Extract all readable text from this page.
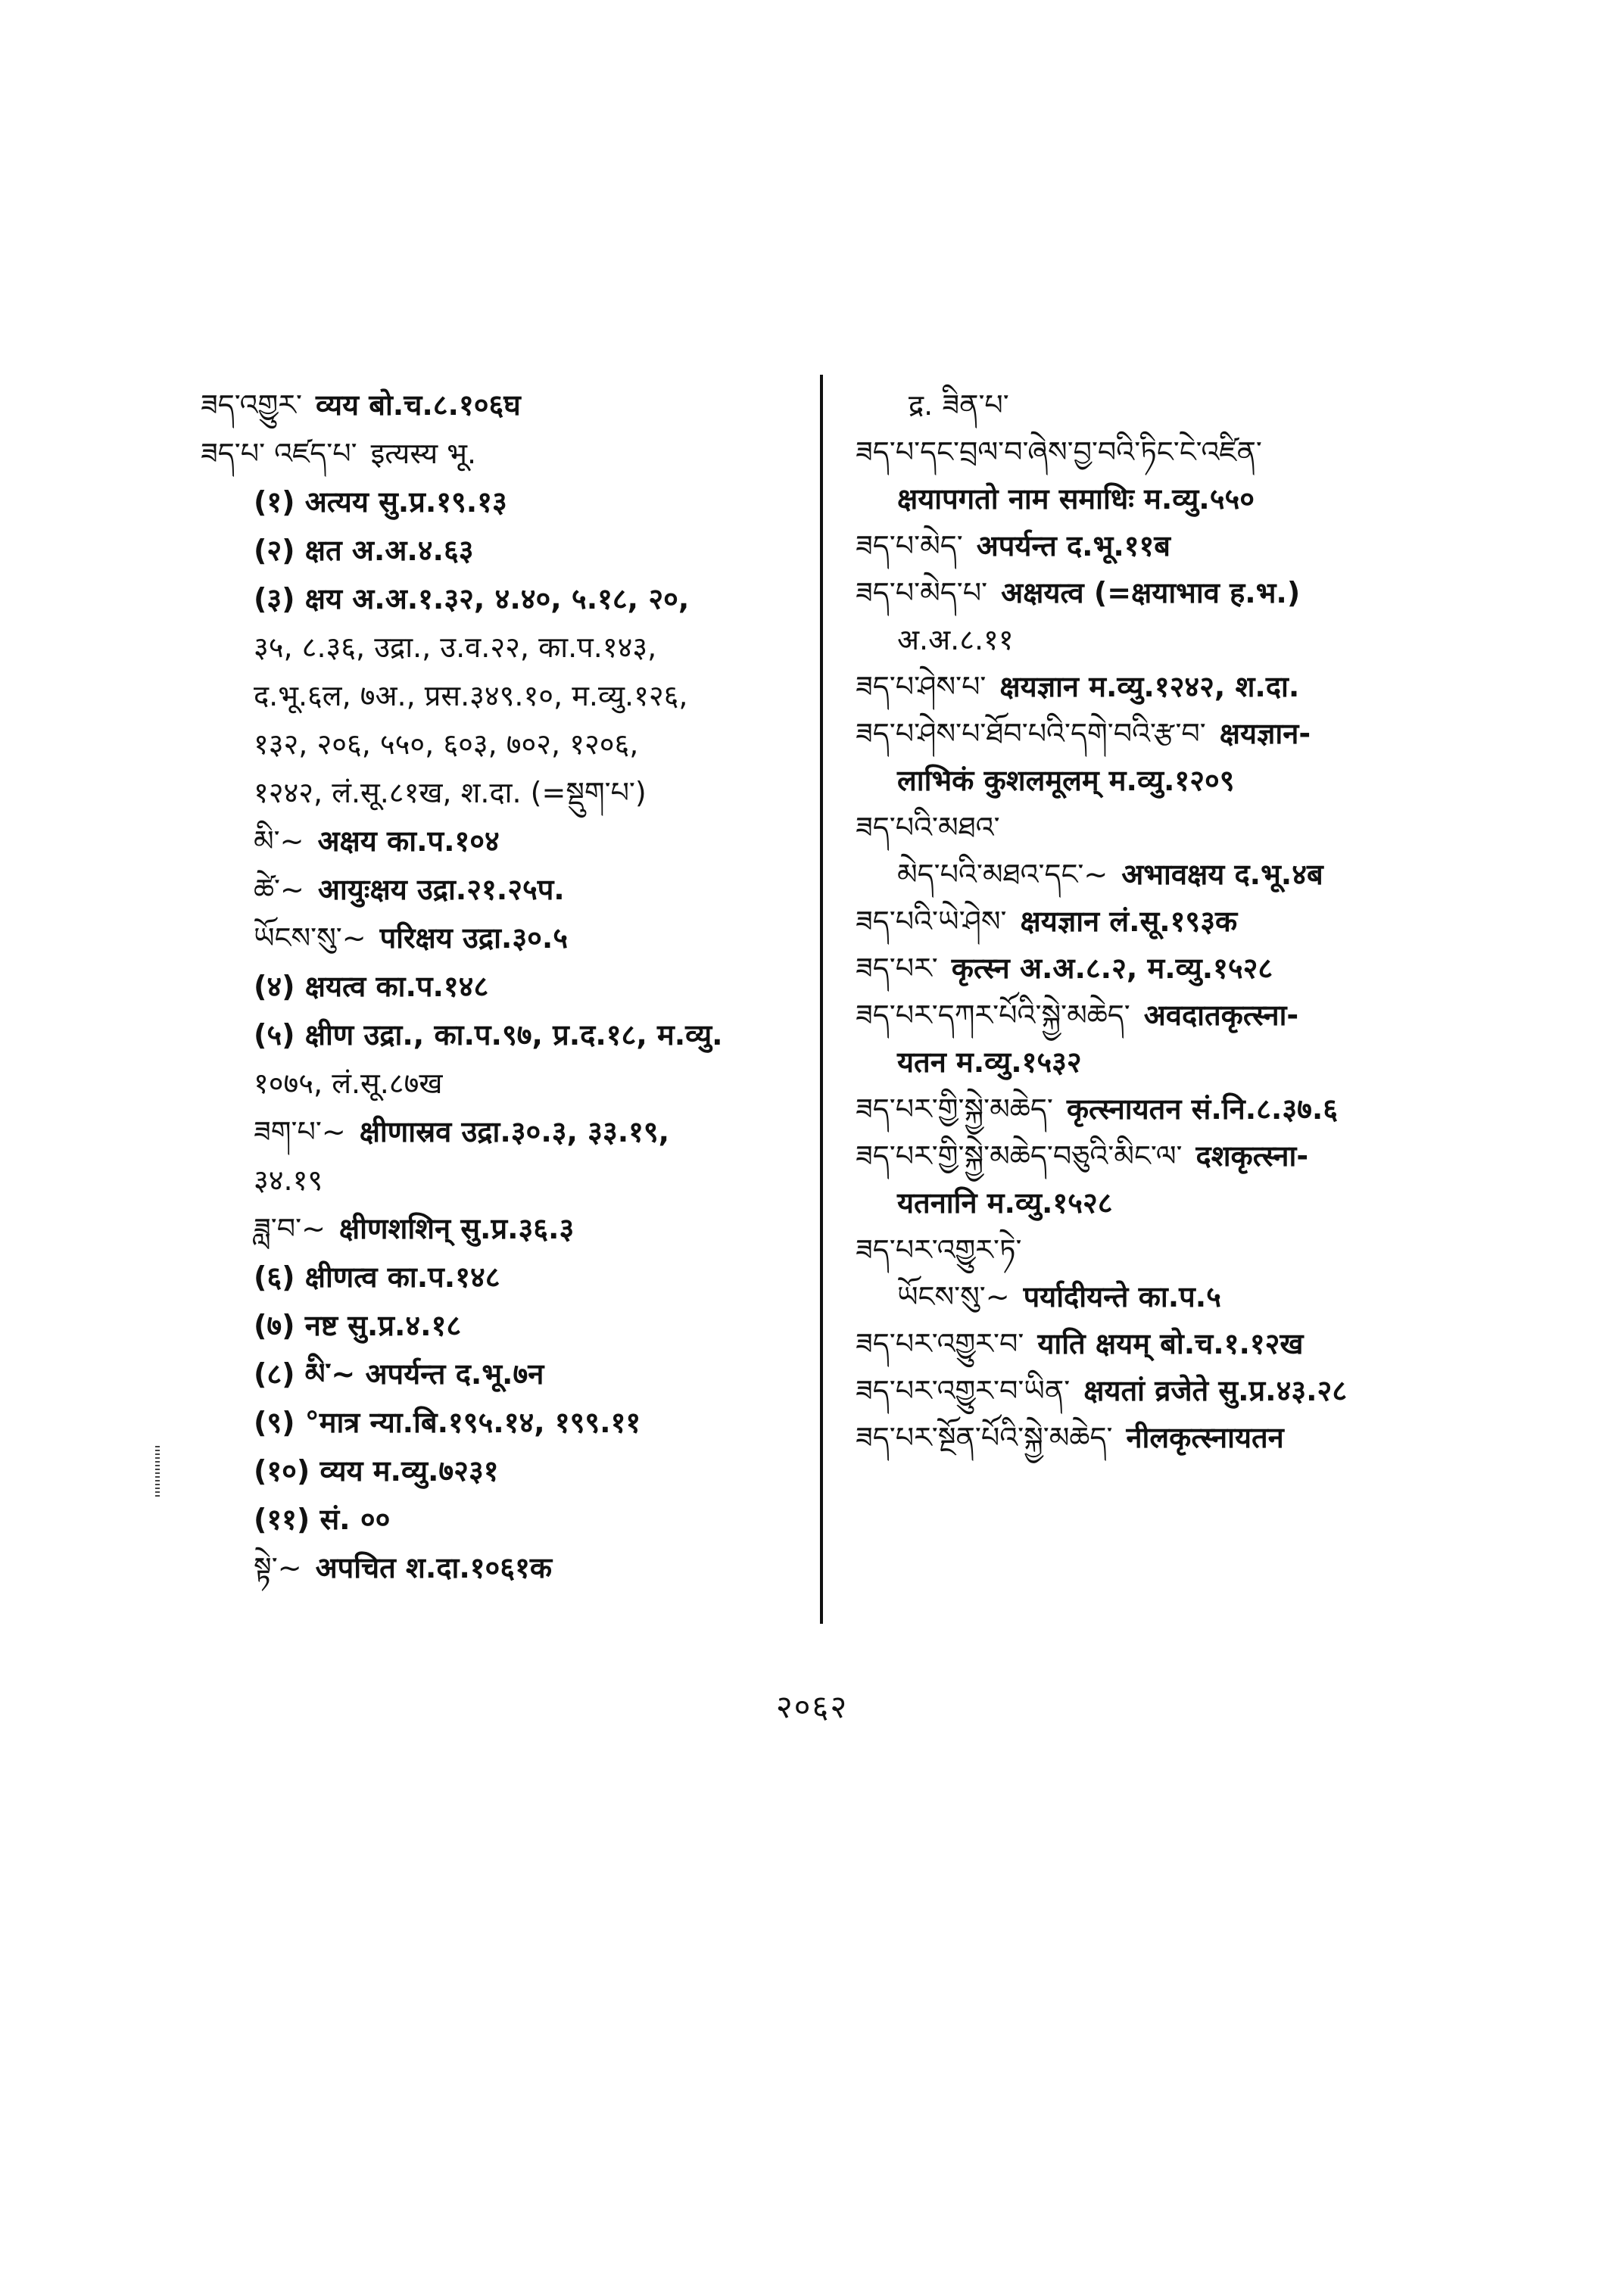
ཟད་འགྱུར་ व्यय बो.च.८.१०६घ

ཟད་པ་ འཛད་པ་ इत्यस्य भू.

(१) अत्यय सु.प्र.१९.१३

(२) क्षत अ.अ.४.६३

(३) क्षय अ.अ.१.३२, ४.४०, ५.१८, २०,

३५, ८.३६, उद्रा., उ.व.२२, का.प.१४३,

द.भू.६ल, ७अ., प्रस.३४९.१०, म.व्यु.१२६,

१३२, २०६, ५५०, ६०३, ७०२, १२०६,

१२४२, लं.सू.८१ख, श.दा. (=སྡུག་པ་)

མི་~ अक्षय का.प.१०४

ཚེ་~ आयुःक्षय उद्रा.२१.२५प.

ཡོངས་སུ་~ परिक्षय उद्रा.३०.५

(४) क्षयत्व का.प.१४८

(५) क्षीण उद्रा., का.प.९७, प्र.द.१८, म.व्यु.

१०७५, लं.सू.८७ख

ཟག་པ་~ क्षीणास्रव उद्रा.३०.३, ३३.१९,

३४.१९

ཟླ་བ་~ क्षीणशशिन् सु.प्र.३६.३

(६) क्षीणत्व का.प.१४८

(७) नष्ट सु.प्र.४.१८

(८) མི་~ अपर्यन्त द.भू.७न

(९) °मात्र न्या.बि.१९५.१४, १९९.११

(१०) व्यय म.व्यु.७२३१

(११) सं. ००

སྟེ་~ अपचित श.दा.१०६१क

द्र. ཟིན་པ་

ཟད་པ་དང་བྲལ་བ་ཞེས་བྱ་བའི་ཏིང་ངེ་འཛིན་

क्षयापगतो नाम समाधिः म.व्यु.५५०

ཟད་པ་མེད་ अपर्यन्त द.भू.११ब

ཟད་པ་མེད་པ་ अक्षयत्व (=क्षयाभाव ह.भ.)

अ.अ.८.११

ཟད་པ་ཤེས་པ་ क्षयज्ञान म.व्यु.१२४२, श.दा.

ཟད་པ་ཤེས་པ་ཐོབ་པའི་དགེ་བའི་རྩ་བ་ क्षयज्ञान-

लाभिकं कुशलमूलम् म.व्यु.१२०९

ཟད་པའི་མཐའ་

མེད་པའི་མཐའ་དང་~ अभावक्षय द.भू.४ब

ཟད་པའི་ཡེ་ཤེས་ क्षयज्ञान लं.सू.१९३क

ཟད་པར་ कृत्स्न अ.अ.८.२, म.व्यु.१५२८

ཟད་པར་དཀར་པོའི་སྐྱེ་མཆེད་ अवदातकृत्स्ना-

यतन म.व्यु.१५३२

ཟད་པར་གྱི་སྐྱེ་མཆེད་ कृत्स्नायतन सं.नि.८.३७.६

ཟད་པར་གྱི་སྐྱེ་མཆེད་བཅུའི་མིང་ལ་ दशकृत्स्ना-

यतनानि म.व्यु.१५२८

ཟད་པར་འགྱུར་ཏེ་

ཡོངས་སུ་~ पर्यादीयन्ते का.प.५

ཟད་པར་འགྱུར་བ་ याति क्षयम् बो.च.१.१२ख

ཟད་པར་འགྱུར་བ་ཡིན་ क्षयतां व्रजेते सु.प्र.४३.२८

ཟད་པར་སྔོན་པོའི་སྐྱེ་མཆེད་ नीलकृत्स्नायतन

२०६२
